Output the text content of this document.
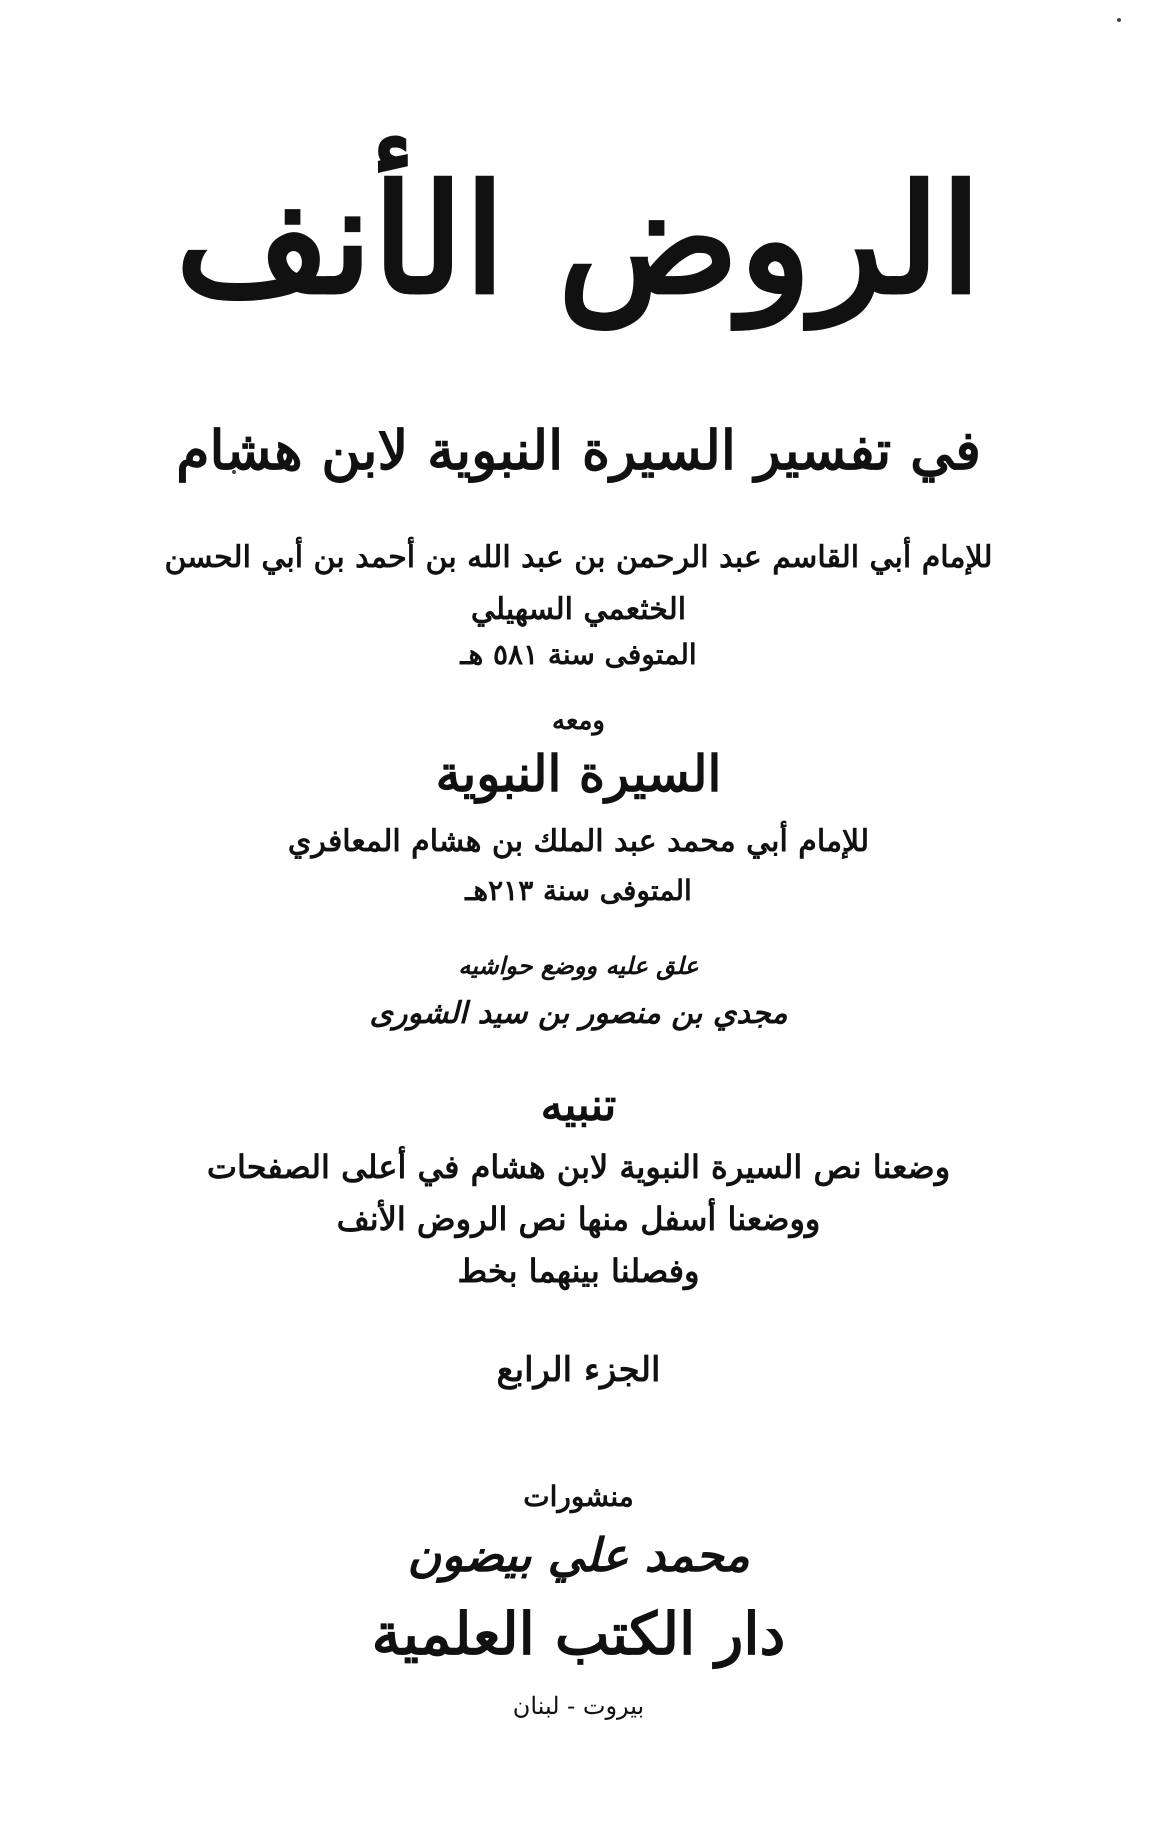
الروض الأنف
في تفسير السيرة النبوية لابن هشام
للإمام أبي القاسم عبد الرحمن بن عبد الله بن أحمد بن أبي الحسن
الخثعمي السهيلي
المتوفى سنة ٥٨١ هـ
ومعه
السيرة النبوية
للإمام أبي محمد عبد الملك بن هشام المعافري
المتوفى سنة ٢١٣هـ
علق عليه ووضع حواشيه
مجدي بن منصور بن سيد الشورى
تنبيه
وضعنا نص السيرة النبوية لابن هشام في أعلى الصفحات
ووضعنا أسفل منها نص الروض الأنف
وفصلنا بينهما بخط
الجزء الرابع
منشورات
محمد علي بيضون
دار الكتب العلمية
بيروت - لبنان
